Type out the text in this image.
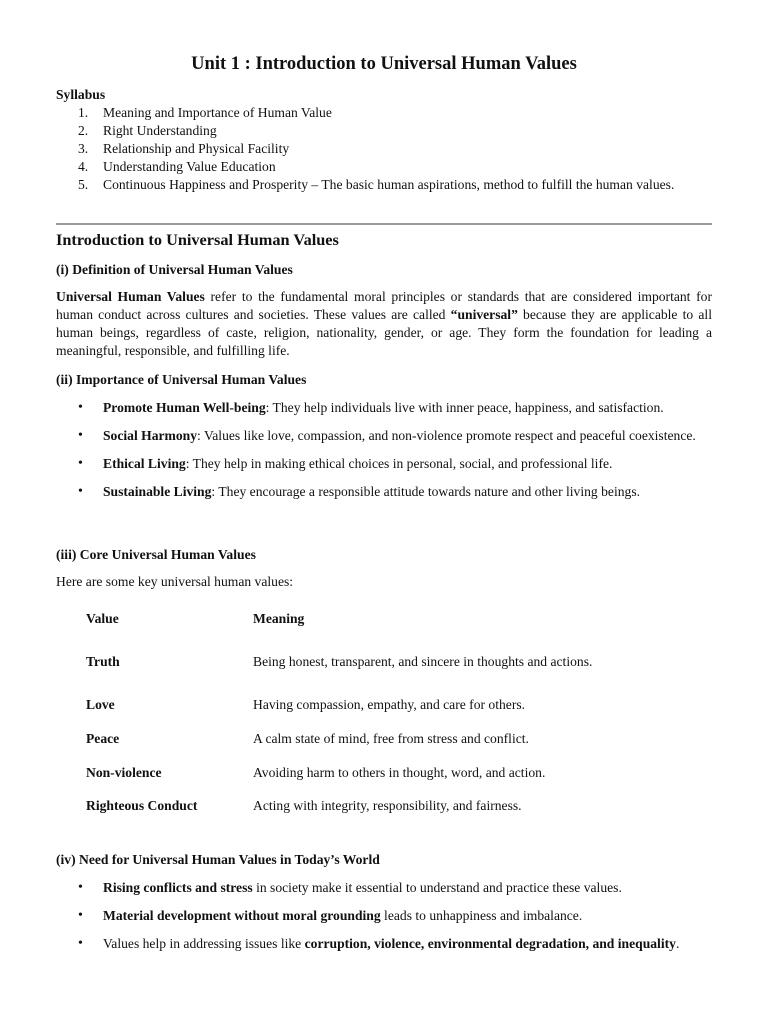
Unit 1 : Introduction to Universal Human Values
Syllabus
1. Meaning and Importance of Human Value
2. Right Understanding
3. Relationship and Physical Facility
4. Understanding Value Education
5. Continuous Happiness and Prosperity – The basic human aspirations, method to fulfill the human values.
Introduction to Universal Human Values
(i) Definition of Universal Human Values

Universal Human Values refer to the fundamental moral principles or standards that are considered important for human conduct across cultures and societies. These values are called “universal” because they are applicable to all human beings, regardless of caste, religion, nationality, gender, or age. They form the foundation for leading a meaningful, responsible, and fulfilling life.

(ii) Importance of Universal Human Values
• Promote Human Well-being: They help individuals live with inner peace, happiness, and satisfaction.
• Social Harmony: Values like love, compassion, and non-violence promote respect and peaceful coexistence.
• Ethical Living: They help in making ethical choices in personal, social, and professional life.
• Sustainable Living: They encourage a responsible attitude towards nature and other living beings.
(iii) Core Universal Human Values

Here are some key universal human values:

Value	Meaning
Truth	Being honest, transparent, and sincere in thoughts and actions.
Love	Having compassion, empathy, and care for others.
Peace	A calm state of mind, free from stress and conflict.
Non-violence	Avoiding harm to others in thought, word, and action.
Righteous Conduct	Acting with integrity, responsibility, and fairness.
(iv) Need for Universal Human Values in Today’s World
• Rising conflicts and stress in society make it essential to understand and practice these values.
• Material development without moral grounding leads to unhappiness and imbalance.
• Values help in addressing issues like corruption, violence, environmental degradation, and inequality.
